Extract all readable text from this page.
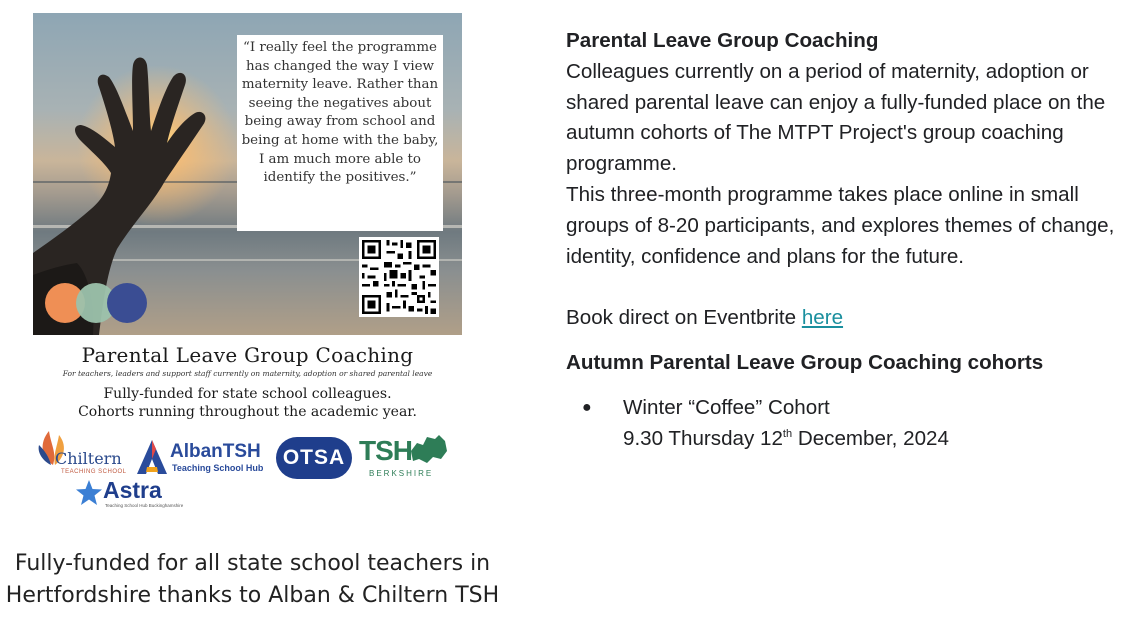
“I really feel the programme has changed the way I view maternity leave. Rather than seeing the negatives about being away from school and being at home with the baby, I am much more able to identify the positives.”
Parental Leave Group Coaching
For teachers, leaders and support staff currently on maternity, adoption or shared parental leave
Fully-funded for state school colleagues.
Cohorts running throughout the academic year.
Chiltern
TEACHING SCHOOL
AlbanTSH
Teaching School Hub OTSA TSH
BERKSHIRE
Astra
Teaching School Hub Buckinghamshire
Fully-funded for all state school teachers in
Hertfordshire thanks to Alban & Chiltern TSH

Parental Leave Group Coaching

Colleagues currently on a period of maternity, adoption or shared parental leave can enjoy a fully-funded place on the autumn cohorts of The MTPT Project's group coaching programme.

This three-month programme takes place online in small groups of 8-20 participants, and explores themes of change, identity, confidence and plans for the future.

Book direct on Eventbrite here

Autumn Parental Leave Group Coaching cohorts

● Winter “Coffee” Cohort
9.30 Thursday 12th December, 2024
